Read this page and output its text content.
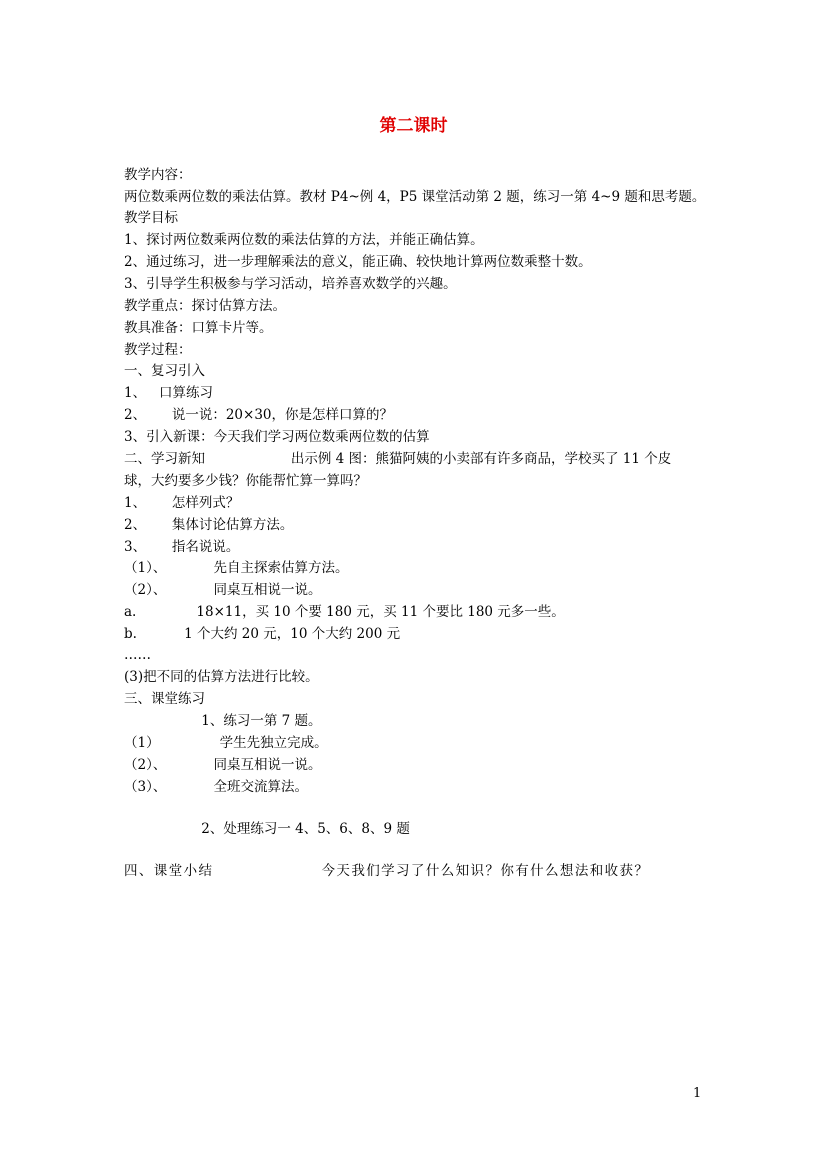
第二课时
教学内容：
两位数乘两位数的乘法估算。教材 P4~例 4，P5 课堂活动第 2 题，练习一第 4~9 题和思考题。
教学目标
1、探讨两位数乘两位数的乘法估算的方法，并能正确估算。
2、通过练习，进一步理解乘法的意义，能正确、较快地计算两位数乘整十数。
3、引导学生积极参与学习活动，培养喜欢数学的兴趣。
教学重点：探讨估算方法。
教具准备：口算卡片等。
教学过程：
一、复习引入
1、   口算练习
2、      说一说：20×30，你是怎样口算的？
3、引入新课：今天我们学习两位数乘两位数的估算
二、学习新知                    出示例 4 图：熊猫阿姨的小卖部有许多商品，学校买了 11 个皮
球，大约要多少钱？你能帮忙算一算吗？
1、      怎样列式？
2、      集体讨论估算方法。
3、      指名说说。
（1）、           先自主探索估算方法。
（2）、           同桌互相说一说。
a.              18×11，买 10 个要 180 元，买 11 个要比 180 元多一些。
b.           1 个大约 20 元，10 个大约 200 元
……
(3)把不同的估算方法进行比较。
三、课堂练习
1、练习一第 7 题。
（1）              学生先独立完成。
（2）、           同桌互相说一说。
（3）、           全班交流算法。
2、处理练习一 4、5、6、8、9 题
四、课堂小结                   今天我们学习了什么知识？你有什么想法和收获？
1
